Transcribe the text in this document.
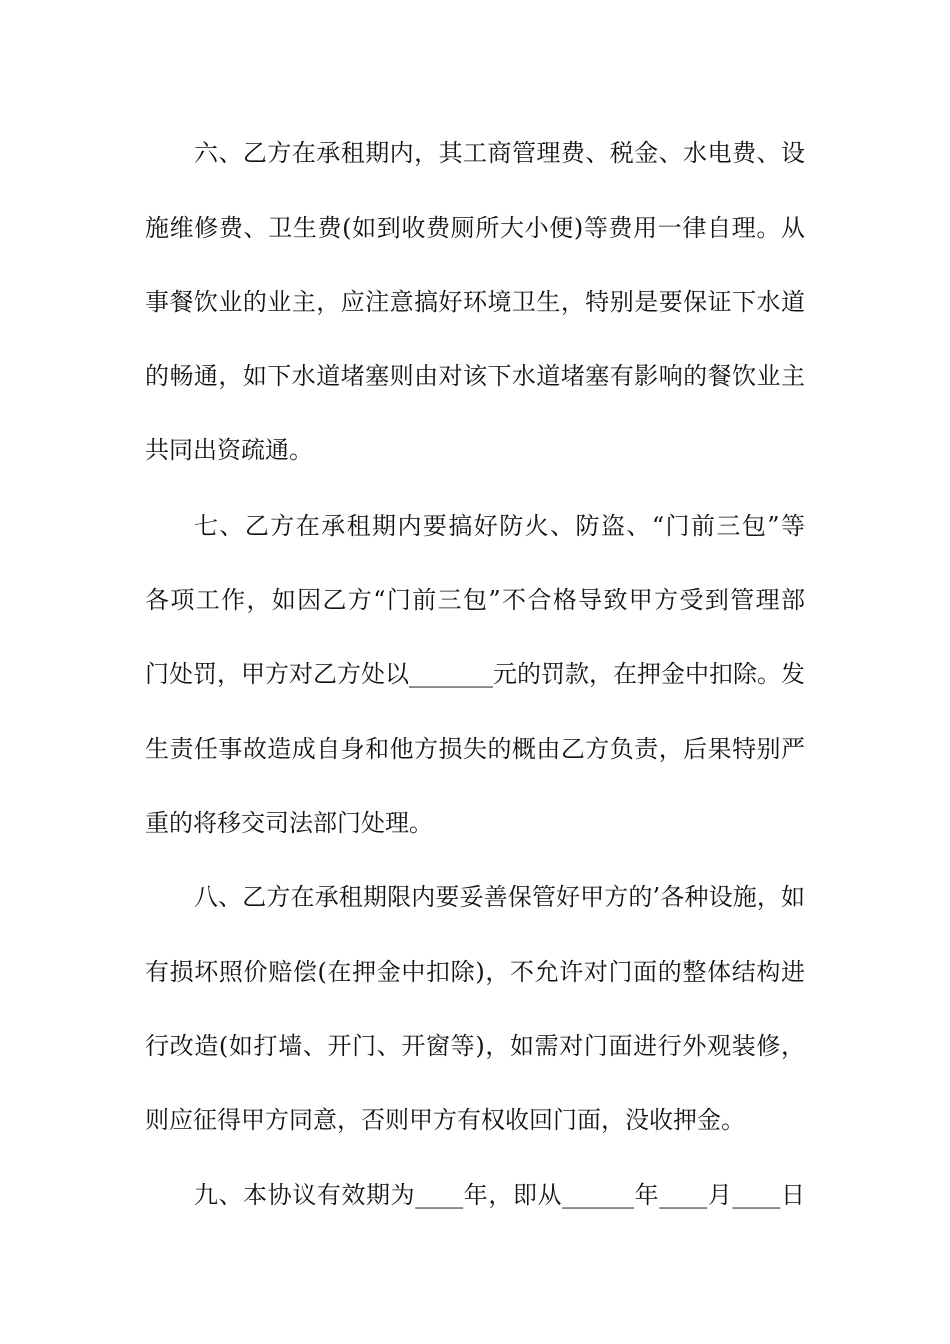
六、乙方在承租期内，其工商管理费、税金、水电费、设
施维修费、卫生费(如到收费厕所大小便)等费用一律自理。从
事餐饮业的业主，应注意搞好环境卫生，特别是要保证下水道
的畅通，如下水道堵塞则由对该下水道堵塞有影响的餐饮业主
共同出资疏通。
七、乙方在承租期内要搞好防火、防盗、“门前三包”等
各项工作，如因乙方“门前三包”不合格导致甲方受到管理部
门处罚，甲方对乙方处以_______元的罚款，在押金中扣除。发
生责任事故造成自身和他方损失的概由乙方负责，后果特别严
重的将移交司法部门处理。
八、乙方在承租期限内要妥善保管好甲方的’各种设施，如
有损坏照价赔偿(在押金中扣除)，不允许对门面的整体结构进
行改造(如打墙、开门、开窗等)，如需对门面进行外观装修，
则应征得甲方同意，否则甲方有权收回门面，没收押金。
九、本协议有效期为____年，即从______年____月____日
